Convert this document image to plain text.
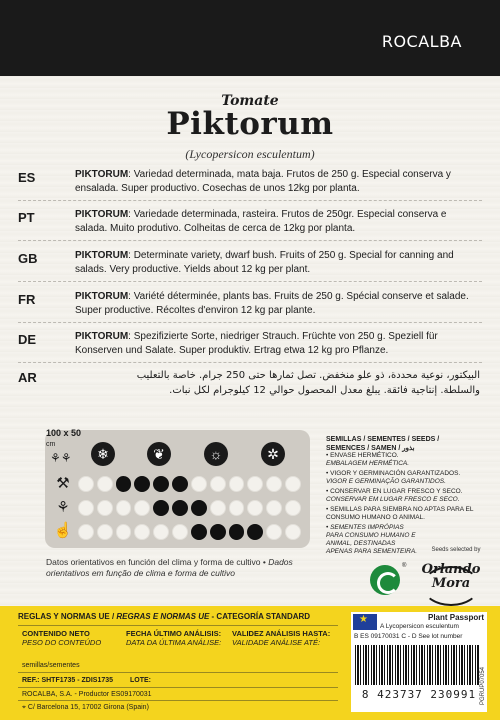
ROCALBA
Tomate
Piktorum
(Lycopersicon esculentum)
ES	PIKTORUM: Variedad determinada, mata baja. Frutos de 250 g. Especial conserva y ensalada. Super productivo. Cosechas de unos 12kg por planta.
PT	PIKTORUM: Variedade determinada, rasteira. Frutos de 250gr. Especial conserva e salada. Muito produtivo. Colheitas de cerca de 12kg por planta.
GB	PIKTORUM: Determinate variety, dwarf bush. Fruits of 250 g. Special for canning and salads. Very productive. Yields about 12 kg per plant.
FR	PIKTORUM: Variété déterminée, plants bas. Fruits de 250 g. Spécial conserve et salade. Super productive. Récoltes d'environ 12 kg par plante.
DE	PIKTORUM: Spezifizierte Sorte, niedriger Strauch. Früchte von 250 g. Speziell für Konserven und Salate. Super produktiv. Ertrag etwa 12 kg pro Pflanze.
AR	البيكتور، نوعية محددة، ذو علو منخفض. تصل ثمارها حتى 250 جرام. خاصة بالتعليب والسلطة. إنتاجية فائقة. يبلغ معدل المحصول حوالي 12 كيلوجرام لكل نبات.
100 x 50
cm
⚘⚘	❄	❦	☼	✲
⚒
⚘
☝
Datos orientativos en función del clima y forma de cultivo • Dados orientativos em função de clima e forma de cultivo
SEMILLAS / SEMENTES / SEEDS / SEMENCES / SAMEN / بذور
• ENVASE HERMÉTICO.
EMBALAGEM HERMÉTICA.
• VIGOR Y GERMINACIÓN GARANTIZADOS.
VIGOR E GERMINAÇÃO GARANTIDOS.
• CONSERVAR EN LUGAR FRESCO Y SECO.
CONSERVAR EM LUGAR FRESCO E SECO.
• SEMILLAS PARA SIEMBRA NO APTAS PARA EL CONSUMO HUMANO O ANIMAL.
• SEMENTES IMPRÓPIAS PARA CONSUMO HUMANO E ANIMAL, DESTINADAS APENAS PARA SEMENTEIRA.	Seeds selected by
Orlando
Mora
®
REGLAS Y NORMAS UE / REGRAS E NORMAS UE - CATEGORÍA STANDARD
CONTENIDO NETO
PESO DO CONTEÚDO
FECHA ÚLTIMO ANÁLISIS:
DATA DA ÚLTIMA ANÁLISE:
VALIDEZ ANÁLISIS HASTA:
VALIDADE ANÁLISE ATÉ:
semillas/sementes
REF.: SHTF1735 - ZDIS1735 LOTE:
ROCALBA, S.A. - Productor ES09170031
⌖ C/ Barcelona 15, 17002 Girona (Spain)
★
Plant Passport
A Lycopersicon esculentum
B ES 09170031 C - D See lot number
8 423737 230991 PGRUP07054
